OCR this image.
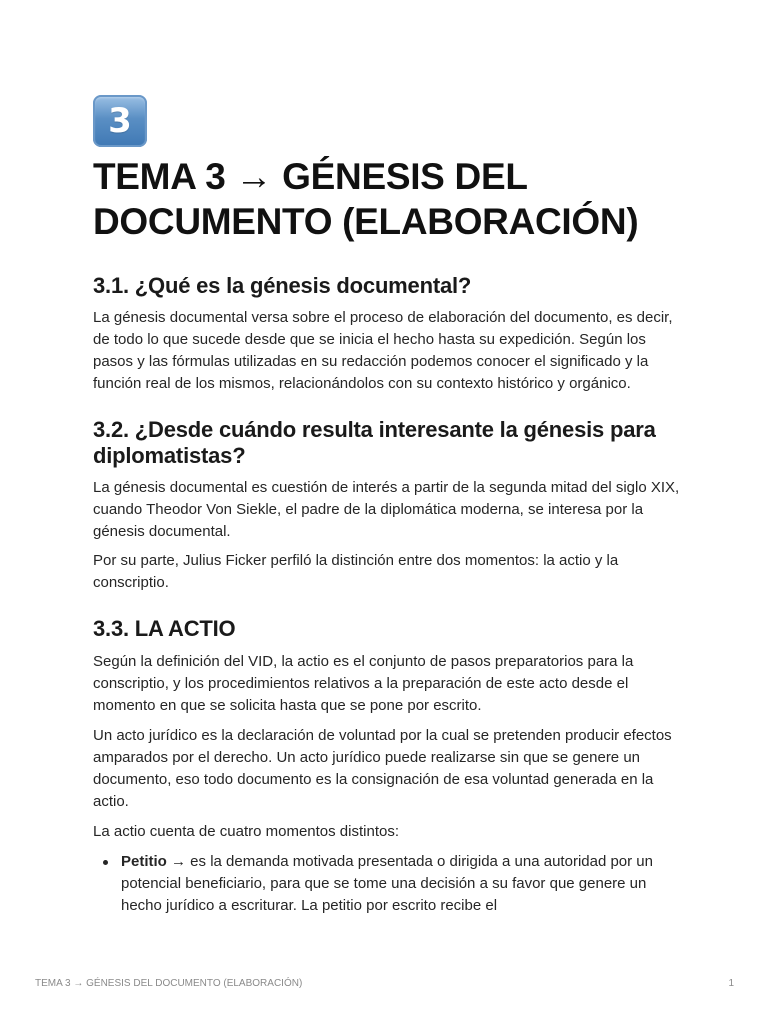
3
TEMA 3 → GÉNESIS DEL DOCUMENTO (ELABORACIÓN)
3.1. ¿Qué es la génesis documental?

La génesis documental versa sobre el proceso de elaboración del documento, es decir, de todo lo que sucede desde que se inicia el hecho hasta su expedición. Según los pasos y las fórmulas utilizadas en su redacción podemos conocer el significado y la función real de los mismos, relacionándolos con su contexto histórico y orgánico.

3.2. ¿Desde cuándo resulta interesante la génesis para diplomatistas?

La génesis documental es cuestión de interés a partir de la segunda mitad del siglo XIX, cuando Theodor Von Siekle, el padre de la diplomática moderna, se interesa por la génesis documental.

Por su parte, Julius Ficker perfiló la distinción entre dos momentos: la actio y la conscriptio.

3.3. LA ACTIO

Según la definición del VID, la actio es el conjunto de pasos preparatorios para la conscriptio, y los procedimientos relativos a la preparación de este acto desde el momento en que se solicita hasta que se pone por escrito.

Un acto jurídico es la declaración de voluntad por la cual se pretenden producir efectos amparados por el derecho. Un acto jurídico puede realizarse sin que se genere un documento, eso todo documento es la consignación de esa voluntad generada en la actio.

La actio cuenta de cuatro momentos distintos:

Petitio → es la demanda motivada presentada o dirigida a una autoridad por un potencial beneficiario, para que se tome una decisión a su favor que genere un hecho jurídico a escriturar. La petitio por escrito recibe el
TEMA 3 → GÉNESIS DEL DOCUMENTO (ELABORACIÓN)	1
